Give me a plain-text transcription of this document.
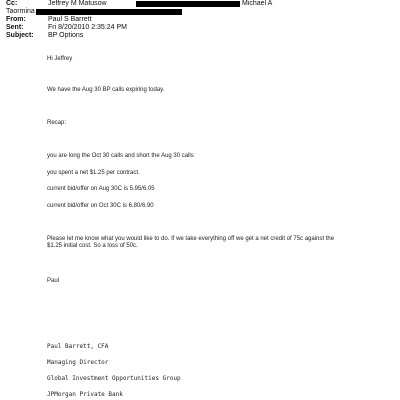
Cc:	Jeffrey M Matusow	Michael A
Taormina
From:	Paul S Barrett
Sent:	Fri 8/20/2010 2:35:24 PM
Subject: BP Options
Hi Jeffrey
We have the Aug 30 BP calls expiring today.
Recap:
you are long the Oct 30 calls and short the Aug 30 calls
you spent a net $1.25 per contract.
current bid/offer on Aug 30C is 5.95/6.05
current bid/offer on Oct 30C is 6.80/6.90
Please let me know what you would like to do. If we take everything off we get a net credit of 75c against the $1.25 initial cost. So a loss of 50c.
Paul
Paul Barrett, CFA
Managing Director
Global Investment Opportunities Group
JPMorgan Private Bank
